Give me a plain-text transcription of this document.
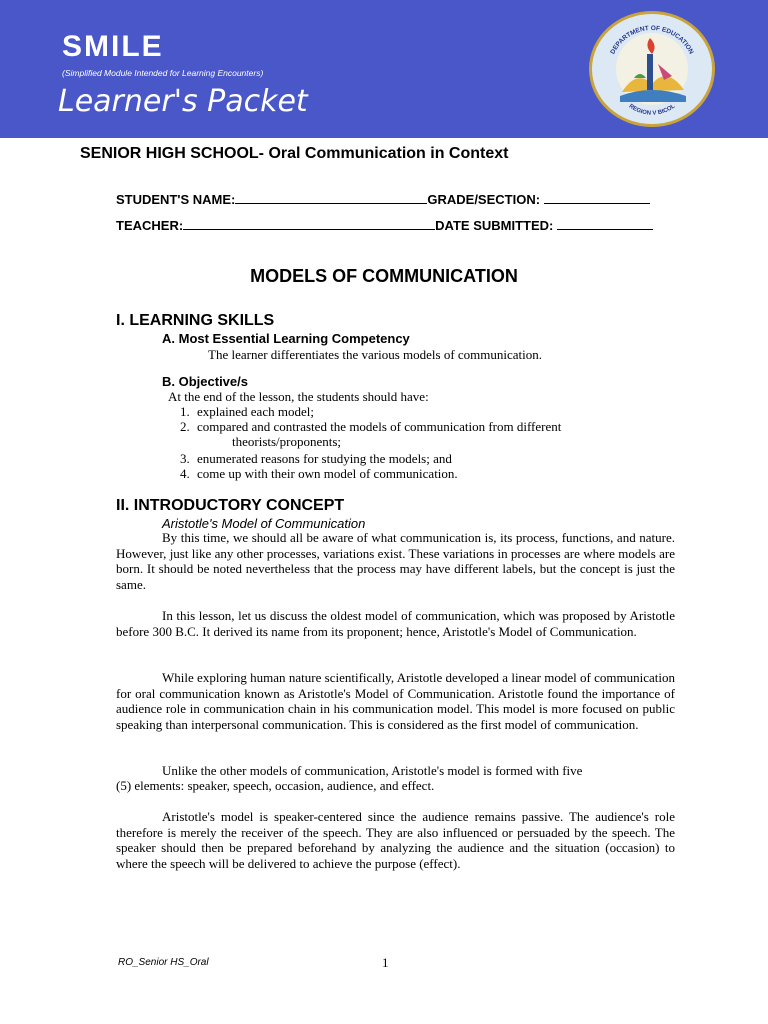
SMILE
(Simplified Module Intended for Learning Encounters)
Learner's Packet
DEPARTMENT OF EDUCATION
REGION V BICOL
SENIOR HIGH SCHOOL- Oral Communication in Context
STUDENT'S NAME:	GRADE/SECTION:
TEACHER:	DATE SUBMITTED:
MODELS OF COMMUNICATION
I. LEARNING SKILLS
A. Most Essential Learning Competency
The learner differentiates the various models of communication.
B. Objective/s
At the end of the lesson, the students should have:
1. explained each model;
2. compared and contrasted the models of communication from different
theorists/proponents;
3. enumerated reasons for studying the models; and
4. come up with their own model of communication.
II. INTRODUCTORY CONCEPT
Aristotle's Model of Communication
By this time, we should all be aware of what communication is, its process, functions, and nature. However, just like any other processes, variations exist. These variations in processes are where models are born. It should be noted nevertheless that the process may have different labels, but the concept is just the same.
In this lesson, let us discuss the oldest model of communication, which was proposed by Aristotle before 300 B.C. It derived its name from its proponent; hence, Aristotle's Model of Communication.
While exploring human nature scientifically, Aristotle developed a linear model of communication for oral communication known as Aristotle's Model of Communication. Aristotle found the importance of audience role in communication chain in his communication model. This model is more focused on public speaking than interpersonal communication. This is considered as the first model of communication.
Unlike the other models of communication, Aristotle's model is formed with five
(5) elements: speaker, speech, occasion, audience, and effect.
Aristotle's model is speaker-centered since the audience remains passive. The audience's role therefore is merely the receiver of the speech. They are also influenced or persuaded by the speech. The speaker should then be prepared beforehand by analyzing the audience and the situation (occasion) to where the speech will be delivered to achieve the purpose (effect).
RO_Senior HS_Oral	1
